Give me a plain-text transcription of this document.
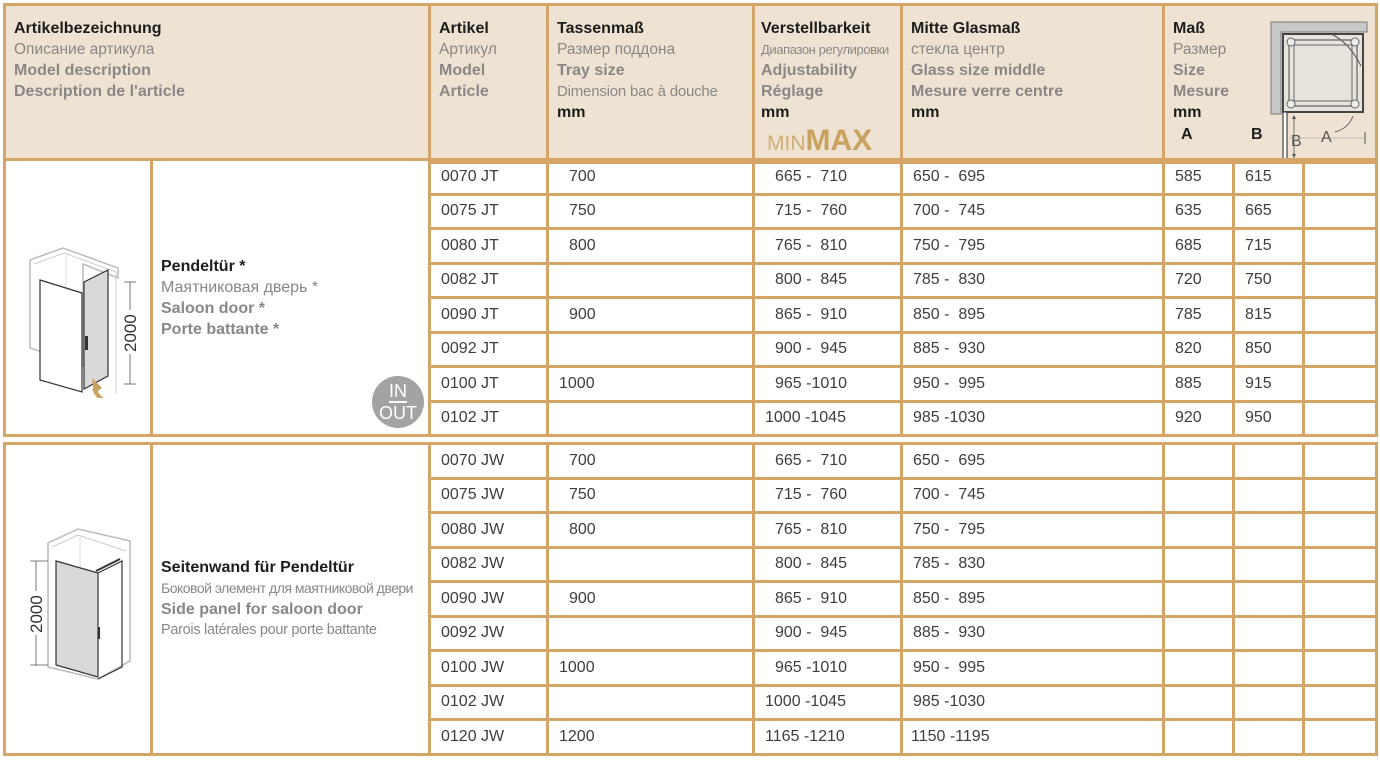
Artikelbezeichnung
Описание артикула
Model description
Description de l'article

Artikel
Артикул
Model
Article

Tassenmaß
Размер поддона
Tray size
Dimension bac à douche
mm

Verstellbarkeit
Диапазон регулировки
Adjustability
Réglage
mm
MINMAX

Mitte Glasmaß
стекла центр
Glass size middle
Mesure verre centre
mm

Maß
Размер
Size
Mesure
mm
A	B	B A
2000

Pendeltür *
Маятниковая дверь *
Saloon door *
Porte battante *
IN
OUT
	0070 JT	700	665 -  710	650 -  695	585	615	
		0075 JT	750	715 -  760	700 -  745	635	665	
		0080 JT	800	765 -  810	750 -  795	685	715	
		0082 JT		800 -  845	785 -  830	720	750	
		0090 JT	900	865 -  910	850 -  895	785	815	
		0092 JT		900 -  945	885 -  930	820	850	
		0100 JT	1000	965 -1010	950 -  995	885	915	
		0102 JT		1000 -1045	985 -1030	920	950	
2000	Seitenwand für Pendeltür
Боковой элемент для маятниковой двери
Side panel for saloon door
Parois latérales pour porte battante	0070 JW	700	665 -  710	650 -  695			
		0075 JW	750	715 -  760	700 -  745			
		0080 JW	800	765 -  810	750 -  795			
		0082 JW		800 -  845	785 -  830			
		0090 JW	900	865 -  910	850 -  895			
		0092 JW		900 -  945	885 -  930			
		0100 JW	1000	965 -1010	950 -  995			
		0102 JW		1000 -1045	985 -1030			
		0120 JW	1200	1165 -1210	1150 -1195			
